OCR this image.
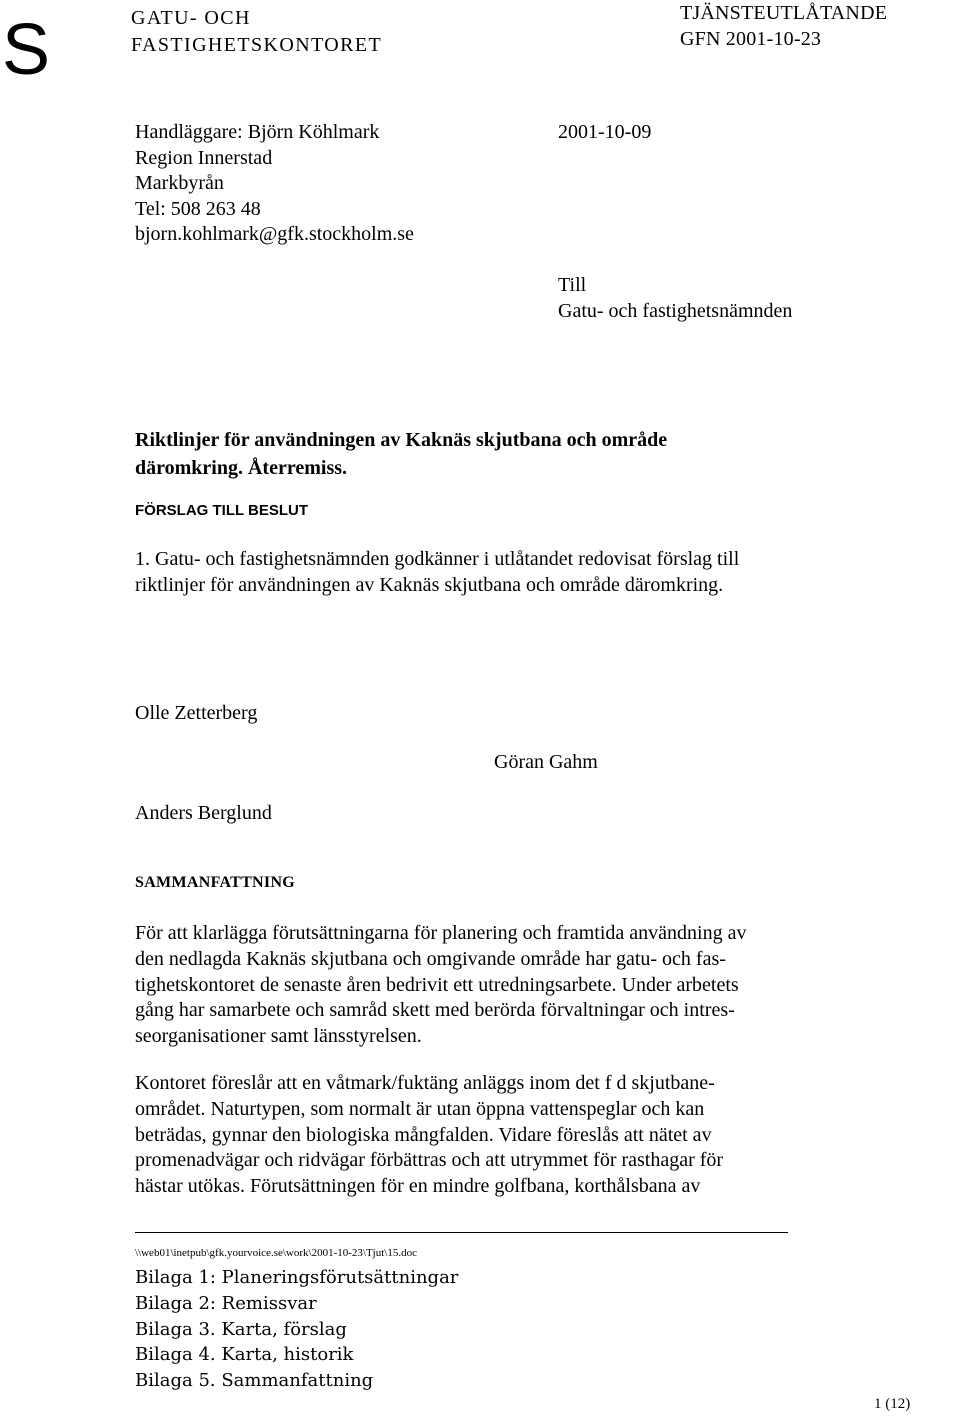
S	GATU- OCH
FASTIGHETSKONTORET
TJÄNSTEUTLÅTANDE
GFN 2001-10-23
Handläggare: Björn Köhlmark
Region Innerstad
Markbyrån
Tel: 508 263 48
bjorn.kohlmark@gfk.stockholm.se
2001-10-09
Till
Gatu- och fastighetsnämnden
Riktlinjer för användningen av Kaknäs skjutbana och område
däromkring. Återremiss.
FÖRSLAG TILL BESLUT
1. Gatu- och fastighetsnämnden godkänner i utlåtandet redovisat förslag till
riktlinjer för användningen av Kaknäs skjutbana och område däromkring.
Olle Zetterberg
Göran Gahm
Anders Berglund
SAMMANFATTNING
För att klarlägga förutsättningarna för planering och framtida användning av
den nedlagda Kaknäs skjutbana och omgivande område har gatu- och fas-
tighetskontoret de senaste åren bedrivit ett utredningsarbete. Under arbetets
gång har samarbete och samråd skett med berörda förvaltningar och intres-
seorganisationer samt länsstyrelsen.
Kontoret föreslår att en våtmark/fuktäng anläggs inom det f d skjutbane-
området. Naturtypen, som normalt är utan öppna vattenspeglar och kan
beträdas, gynnar den biologiska mångfalden. Vidare föreslås att nätet av
promenadvägar och ridvägar förbättras och att utrymmet för rasthagar för
hästar utökas. Förutsättningen för en mindre golfbana, korthålsbana av
\\web01\inetpub\gfk.yourvoice.se\work\2001-10-23\Tjut\15.doc
Bilaga 1: Planeringsförutsättningar
Bilaga 2: Remissvar
Bilaga 3. Karta, förslag
Bilaga 4. Karta, historik
Bilaga 5. Sammanfattning
1 (12)
